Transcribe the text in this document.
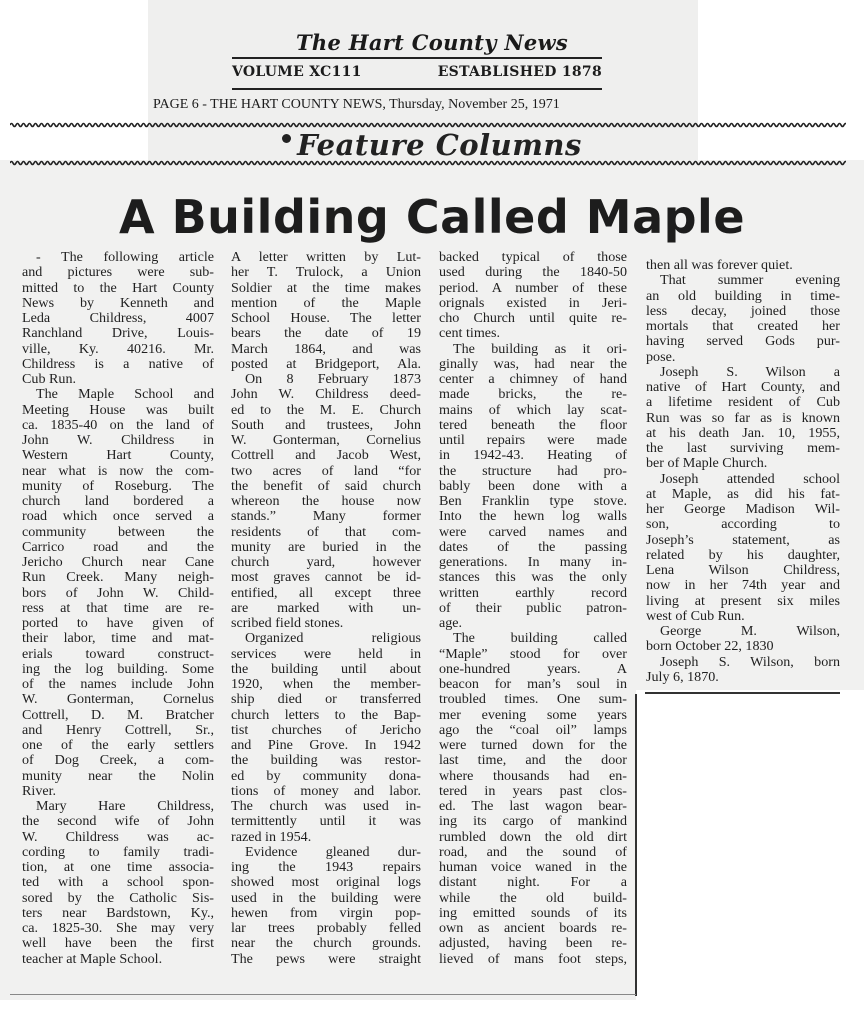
The Hart County News
VOLUME XC111	ESTABLISHED 1878
PAGE 6 - THE HART COUNTY NEWS, Thursday, November 25, 1971
Feature Columns
A Building Called Maple
- The following article
and pictures were sub-
mitted to the Hart County
News by Kenneth and
Leda Childress, 4007
Ranchland Drive, Louis-
ville, Ky. 40216. Mr.
Childress is a native of
Cub Run.
The Maple School and
Meeting House was built
ca. 1835-40 on the land of
John W. Childress in
Western Hart County,
near what is now the com-
munity of Roseburg. The
church land bordered a
road which once served a
community between the
Carrico road and the
Jericho Church near Cane
Run Creek. Many neigh-
bors of John W. Child-
ress at that time are re-
ported to have given of
their labor, time and mat-
erials toward construct-
ing the log building. Some
of the names include John
W. Gonterman, Cornelus
Cottrell, D. M. Bratcher
and Henry Cottrell, Sr.,
one of the early settlers
of Dog Creek, a com-
munity near the Nolin
River.
Mary Hare Childress,
the second wife of John
W. Childress was ac-
cording to family tradi-
tion, at one time associa-
ted with a school spon-
sored by the Catholic Sis-
ters near Bardstown, Ky.,
ca. 1825-30. She may very
well have been the first
teacher at Maple School.
A letter written by Lut-
her T. Trulock, a Union
Soldier at the time makes
mention of the Maple
School House. The letter
bears the date of 19
March 1864, and was
posted at Bridgeport, Ala.
On 8 February 1873
John W. Childress deed-
ed to the M. E. Church
South and trustees, John
W. Gonterman, Cornelius
Cottrell and Jacob West,
two acres of land “for
the benefit of said church
whereon the house now
stands.” Many former
residents of that com-
munity are buried in the
church yard, however
most graves cannot be id-
entified, all except three
are marked with un-
scribed field stones.
Organized religious
services were held in
the building until about
1920, when the member-
ship died or transferred
church letters to the Bap-
tist churches of Jericho
and Pine Grove. In 1942
the building was restor-
ed by community dona-
tions of money and labor.
The church was used in-
termittently until it was
razed in 1954.
Evidence gleaned dur-
ing the 1943 repairs
showed most original logs
used in the building were
hewen from virgin pop-
lar trees probably felled
near the church grounds.
The pews were straight
backed typical of those
used during the 1840-50
period. A number of these
orignals existed in Jeri-
cho Church until quite re-
cent times.
The building as it ori-
ginally was, had near the
center a chimney of hand
made bricks, the re-
mains of which lay scat-
tered beneath the floor
until repairs were made
in 1942-43. Heating of
the structure had pro-
bably been done with a
Ben Franklin type stove.
Into the hewn log walls
were carved names and
dates of the passing
generations. In many in-
stances this was the only
written earthly record
of their public patron-
age.
The building called
“Maple” stood for over
one-hundred years. A
beacon for man’s soul in
troubled times. One sum-
mer evening some years
ago the “coal oil” lamps
were turned down for the
last time, and the door
where thousands had en-
tered in years past clos-
ed. The last wagon bear-
ing its cargo of mankind
rumbled down the old dirt
road, and the sound of
human voice waned in the
distant night. For a
while the old build-
ing emitted sounds of its
own as ancient boards re-
adjusted, having been re-
lieved of mans foot steps,
then all was forever quiet.
That summer evening
an old building in time-
less decay, joined those
mortals that created her
having served Gods pur-
pose.
Joseph S. Wilson a
native of Hart County, and
a lifetime resident of Cub
Run was so far as is known
at his death Jan. 10, 1955,
the last surviving mem-
ber of Maple Church.
Joseph attended school
at Maple, as did his fat-
her George Madison Wil-
son, according to
Joseph’s statement, as
related by his daughter,
Lena Wilson Childress,
now in her 74th year and
living at present six miles
west of Cub Run.
George M. Wilson,
born October 22, 1830
Joseph S. Wilson, born
July 6, 1870.
